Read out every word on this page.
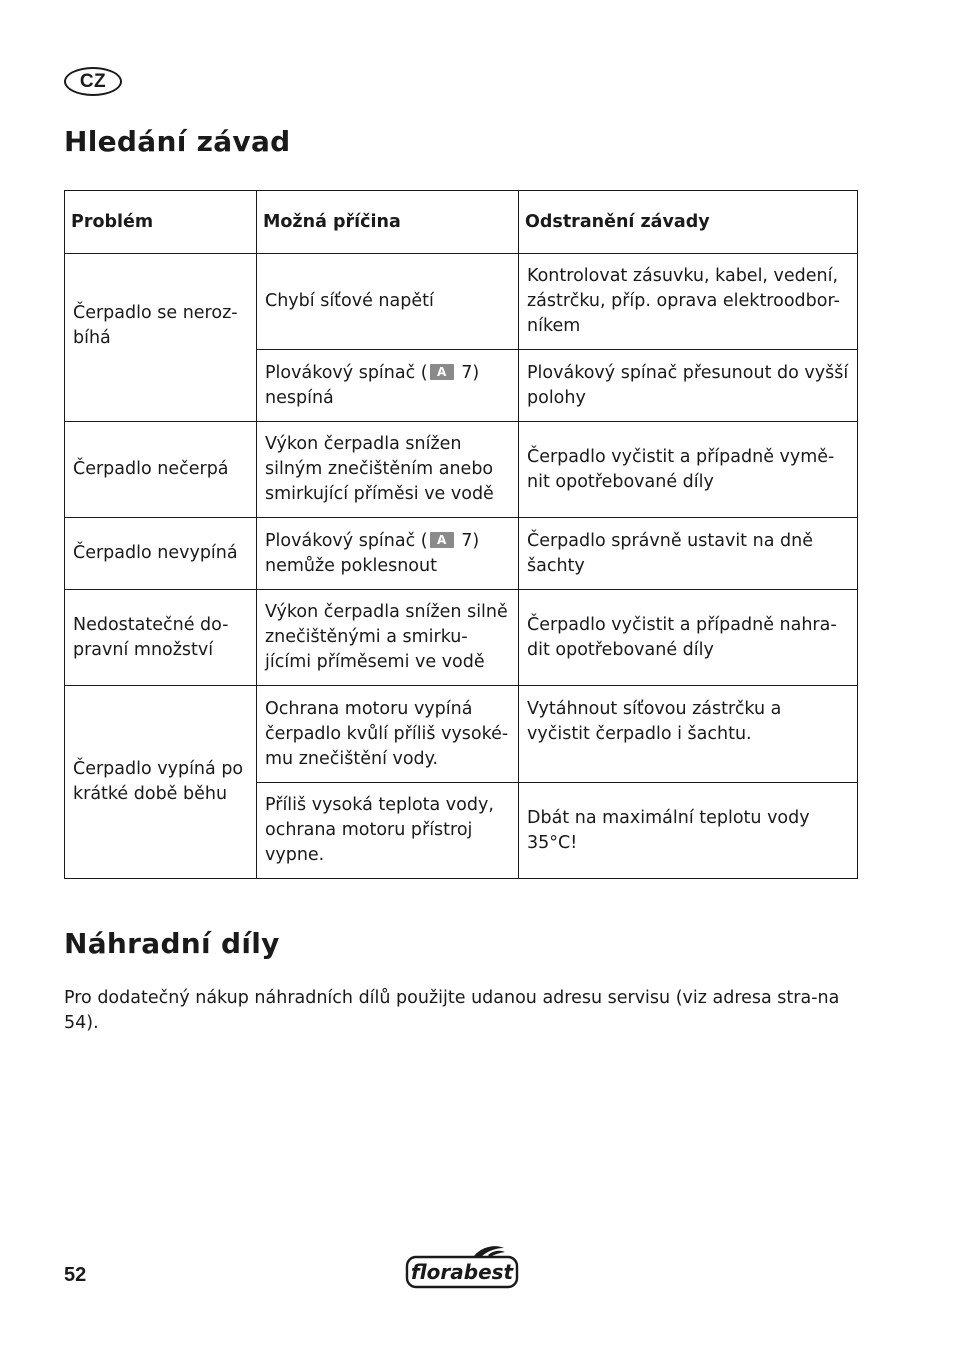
CZ
Hledání závad
Problém	Možná příčina	Odstranění závady
Čerpadlo se neroz-bíhá	Chybí síťové napětí	Kontrolovat zásuvku, kabel, vedení, zástrčku, příp. oprava elektroodbor-níkem
	Plovákový spínač ( A 7) nespíná	Plovákový spínač přesunout do vyšší polohy
Čerpadlo nečerpá	Výkon čerpadla snížen silným znečištěním anebo smirkující příměsi ve vodě	Čerpadlo vyčistit a případně vymě-nit opotřebované díly
Čerpadlo nevypíná	Plovákový spínač ( A 7) nemůže poklesnout	Čerpadlo správně ustavit na dně šachty
Nedostatečné do-pravní množství	Výkon čerpadla snížen silně znečištěnými a smirku-jícími příměsemi ve vodě	Čerpadlo vyčistit a případně nahra-dit opotřebované díly
Čerpadlo vypíná po krátké době běhu	Ochrana motoru vypíná čerpadlo kvůlí příliš vysoké-mu znečištění vody.	Vytáhnout síťovou zástrčku a vyčistit čerpadlo i šachtu.
	Příliš vysoká teplota vody, ochrana motoru přístroj vypne.	Dbát na maximální teplotu vody 35°C!
Náhradní díly
Pro dodatečný nákup náhradních dílů použijte udanou adresu servisu (viz adresa stra-na 54).
52	florabest
